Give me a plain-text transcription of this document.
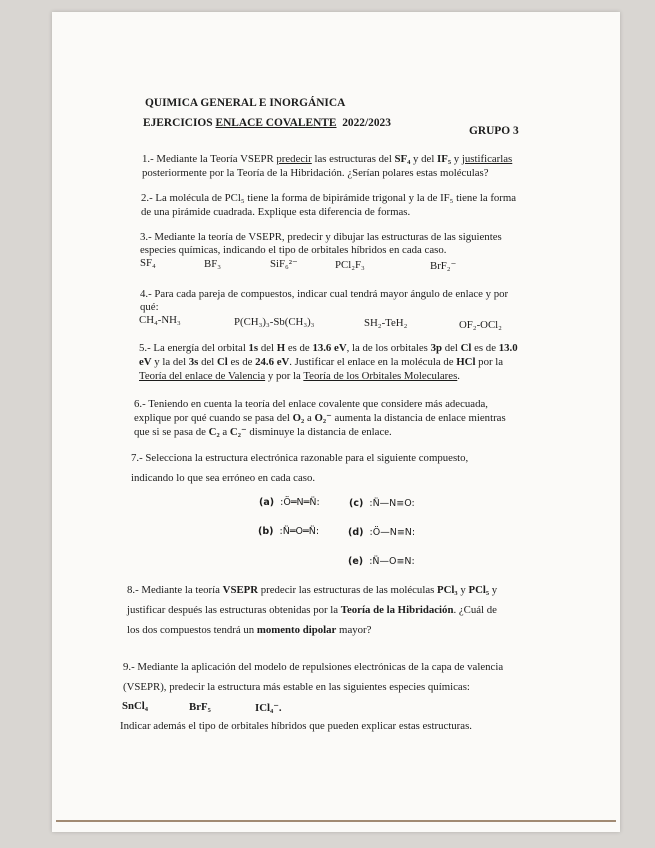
QUIMICA GENERAL E INORGÁNICA
EJERCICIOS ENLACE COVALENTE 2022/2023
GRUPO 3
1.- Mediante la Teoría VSEPR predecir las estructuras del SF₄ y del IF₅ y justificarlas
posteriormente por la Teoría de la Hibridación. ¿Serían polares estas moléculas?
2.- La molécula de PCl₅ tiene la forma de bipirámide trigonal y la de IF₅ tiene la forma
de una pirámide cuadrada. Explique esta diferencia de formas.
3.- Mediante la teoría de VSEPR, predecir y dibujar las estructuras de las siguientes
especies químicas, indicando el tipo de orbitales híbridos en cada caso.
SF₄	BF₃	SiF₆²⁻	PCl₂F₃	BrF₂⁻
4.- Para cada pareja de compuestos, indicar cual tendrá mayor ángulo de enlace y por
qué:
CH₄-NH₃	P(CH₃)₃-Sb(CH₃)₃	SH₂-TeH₂	OF₂-OCl₂
5.- La energía del orbital 1s del H es de 13.6 eV, la de los orbitales 3p del Cl es de 13.0
eV y la del 3s del Cl es de 24.6 eV. Justificar el enlace en la molécula de HCl por la
Teoría del enlace de Valencia y por la Teoría de los Orbitales Moleculares.
6.- Teniendo en cuenta la teoría del enlace covalente que considere más adecuada,
explique por qué cuando se pasa del O₂ a O₂⁻ aumenta la distancia de enlace mientras
que si se pasa de C₂ a C₂⁻ disminuye la distancia de enlace.
7.- Selecciona la estructura electrónica razonable para el siguiente compuesto,
indicando lo que sea erróneo en cada caso.
(a) :Ö═N═N̈:	(c) :N̈—N≡O:
(b) :N̈═O═N̈:	(d) :Ö—N≡N:
(e) :N̈—O≡N:
8.- Mediante la teoría VSEPR predecir las estructuras de las moléculas PCl₃ y PCl₅ y
justificar después las estructuras obtenidas por la Teoría de la Hibridación. ¿Cuál de
los dos compuestos tendrá un momento dipolar mayor?
9.- Mediante la aplicación del modelo de repulsiones electrónicas de la capa de valencia
(VSEPR), predecir la estructura más estable en las siguientes especies químicas:
SnCl₄	BrF₅	ICl₄⁻.
Indicar además el tipo de orbitales híbridos que pueden explicar estas estructuras.
